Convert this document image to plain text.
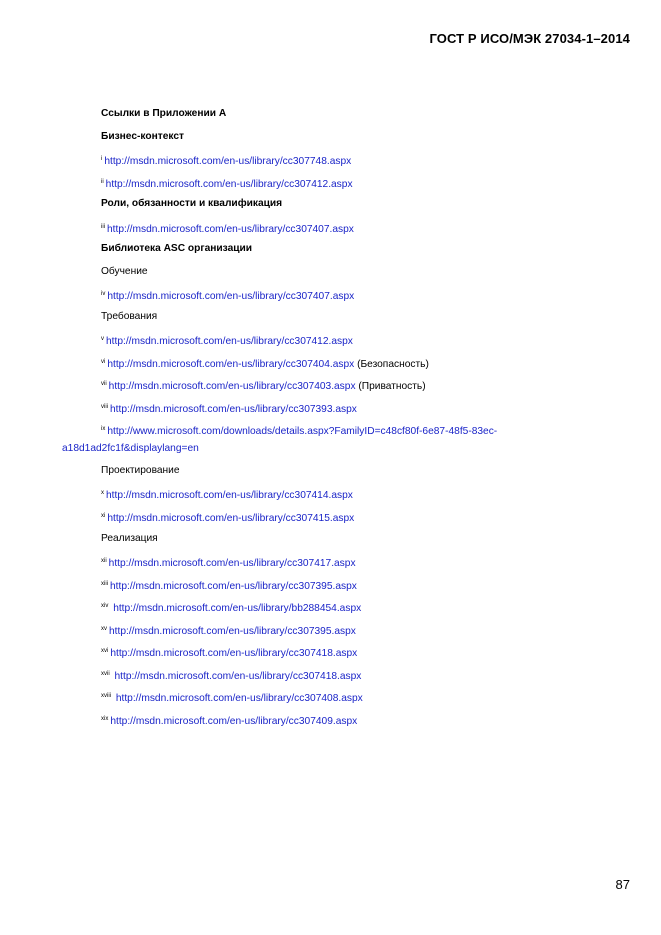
ГОСТ Р ИСО/МЭК 27034-1–2014
Ссылки в Приложении А
Бизнес-контекст
$^i$ http://msdn.microsoft.com/en-us/library/cc307748.aspx
$^{ii}$ http://msdn.microsoft.com/en-us/library/cc307412.aspx
Роли, обязанности и квалификация
$^{iii}$ http://msdn.microsoft.com/en-us/library/cc307407.aspx
Библиотека ASC организации
Обучение
$^{iv}$ http://msdn.microsoft.com/en-us/library/cc307407.aspx
Требования
$^v$ http://msdn.microsoft.com/en-us/library/cc307412.aspx
$^{vi}$ http://msdn.microsoft.com/en-us/library/cc307404.aspx (Безопасность)
$^{vii}$ http://msdn.microsoft.com/en-us/library/cc307403.aspx (Приватность)
$^{viii}$ http://msdn.microsoft.com/en-us/library/cc307393.aspx
$^{ix}$ http://www.microsoft.com/downloads/details.aspx?FamilyID=c48cf80f-6e87-48f5-83ec-
a18d1ad2fc1f&displaylang=en
Проектирование
$^x$ http://msdn.microsoft.com/en-us/library/cc307414.aspx
$^{xi}$ http://msdn.microsoft.com/en-us/library/cc307415.aspx
Реализация
$^{xii}$ http://msdn.microsoft.com/en-us/library/cc307417.aspx
$^{xiii}$ http://msdn.microsoft.com/en-us/library/cc307395.aspx
$^{xiv}$ http://msdn.microsoft.com/en-us/library/bb288454.aspx
$^{xv}$ http://msdn.microsoft.com/en-us/library/cc307395.aspx
$^{xvi}$ http://msdn.microsoft.com/en-us/library/cc307418.aspx
$^{xvii}$ http://msdn.microsoft.com/en-us/library/cc307418.aspx
$^{xviii}$ http://msdn.microsoft.com/en-us/library/cc307408.aspx
$^{xix}$ http://msdn.microsoft.com/en-us/library/cc307409.aspx
87
